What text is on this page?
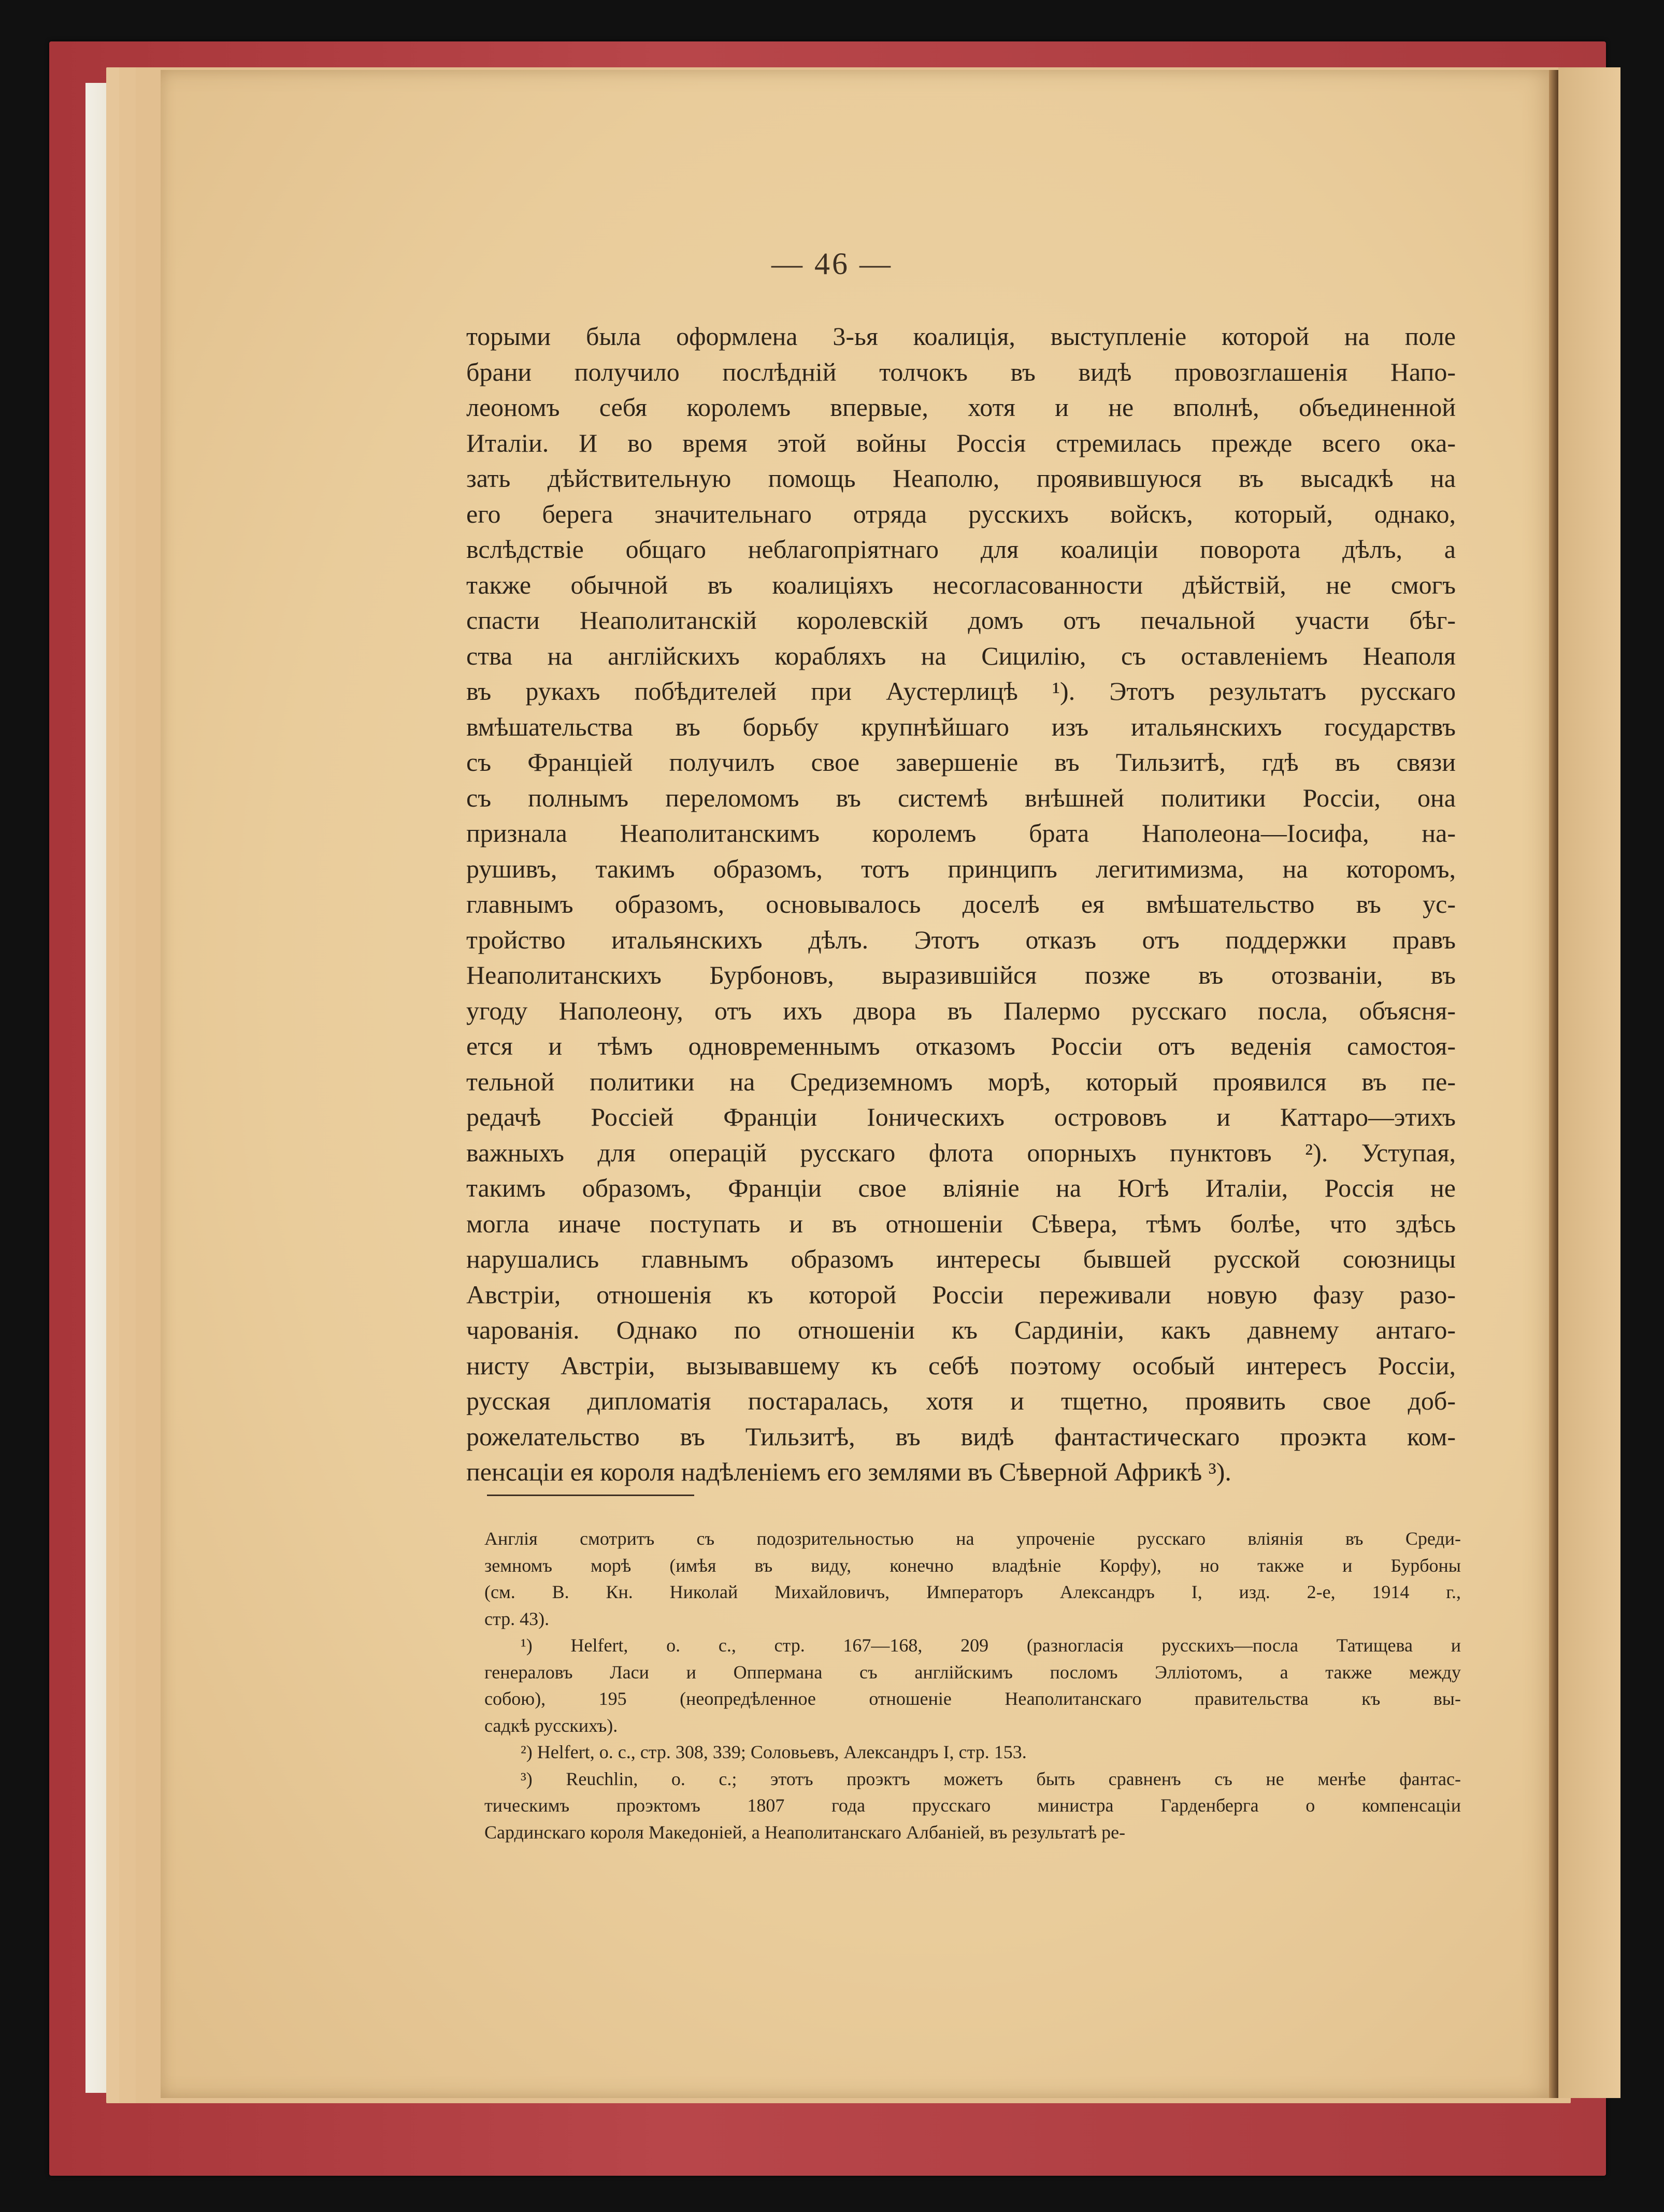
— 46 —
торыми была оформлена 3-ья коалиція, выступленіе которой на поле
брани получило послѣдній толчокъ въ видѣ провозглашенія Напо-
леономъ себя королемъ впервые, хотя и не вполнѣ, объединенной
Италіи. И во время этой войны Россія стремилась прежде всего ока-
зать дѣйствительную помощь Неаполю, проявившуюся въ высадкѣ на
его берега значительнаго отряда русскихъ войскъ, который, однако,
вслѣдствіе общаго неблагопріятнаго для коалиціи поворота дѣлъ, а
также обычной въ коалиціяхъ несогласованности дѣйствій, не смогъ
спасти Неаполитанскій королевскій домъ отъ печальной участи бѣг-
ства на англійскихъ корабляхъ на Сицилію, съ оставленіемъ Неаполя
въ рукахъ побѣдителей при Аустерлицѣ ¹). Этотъ результатъ русскаго
вмѣшательства въ борьбу крупнѣйшаго изъ итальянскихъ государствъ
съ Франціей получилъ свое завершеніе въ Тильзитѣ, гдѣ въ связи
съ полнымъ переломомъ въ системѣ внѣшней политики Россіи, она
признала Неаполитанскимъ королемъ брата Наполеона—Іосифа, на-
рушивъ, такимъ образомъ, тотъ принципъ легитимизма, на которомъ,
главнымъ образомъ, основывалось доселѣ ея вмѣшательство въ ус-
тройство итальянскихъ дѣлъ. Этотъ отказъ отъ поддержки правъ
Неаполитанскихъ Бурбоновъ, выразившійся позже въ отозваніи, въ
угоду Наполеону, отъ ихъ двора въ Палермо русскаго посла, объясня-
ется и тѣмъ одновременнымъ отказомъ Россіи отъ веденія самостоя-
тельной политики на Средиземномъ морѣ, который проявился въ пе-
редачѣ Россіей Франціи Іоническихъ острововъ и Каттаро—этихъ
важныхъ для операцій русскаго флота опорныхъ пунктовъ ²). Уступая,
такимъ образомъ, Франціи свое вліяніе на Югѣ Италіи, Россія не
могла иначе поступать и въ отношеніи Сѣвера, тѣмъ болѣе, что здѣсь
нарушались главнымъ образомъ интересы бывшей русской союзницы
Австріи, отношенія къ которой Россіи переживали новую фазу разо-
чарованія. Однако по отношеніи къ Сардиніи, какъ давнему антаго-
нисту Австріи, вызывавшему къ себѣ поэтому особый интересъ Россіи,
русская дипломатія постаралась, хотя и тщетно, проявить свое доб-
рожелательство въ Тильзитѣ, въ видѣ фантастическаго проэкта ком-
пенсаціи ея короля надѣленіемъ его землями въ Сѣверной Африкѣ ³).
Англія смотритъ съ подозрительностью на упроченіе русскаго вліянія въ Среди-
земномъ морѣ (имѣя въ виду, конечно владѣніе Корфу), но также и Бурбоны
(см. В. Кн. Николай Михайловичъ, Императоръ Александръ I, изд. 2-е, 1914 г.,
стр. 43).
¹) Helfert, o. c., стр. 167—168, 209 (разногласія русскихъ—посла Татищева и
генераловъ Ласи и Оппермана съ англійскимъ посломъ Эллiотомъ, а также между
собою), 195 (неопредѣленное отношеніе Неаполитанскаго правительства къ вы-
садкѣ русскихъ).
²) Helfert, o. c., стр. 308, 339; Соловьевъ, Александръ I, стр. 153.
³) Reuchlin, o. c.; этотъ проэктъ можетъ быть сравненъ съ не менѣе фантас-
тическимъ проэктомъ 1807 года прусскаго министра Гарденберга о компенсаціи
Сардинскаго короля Македоніей, а Неаполитанскаго Албаніей, въ результатѣ ре-
